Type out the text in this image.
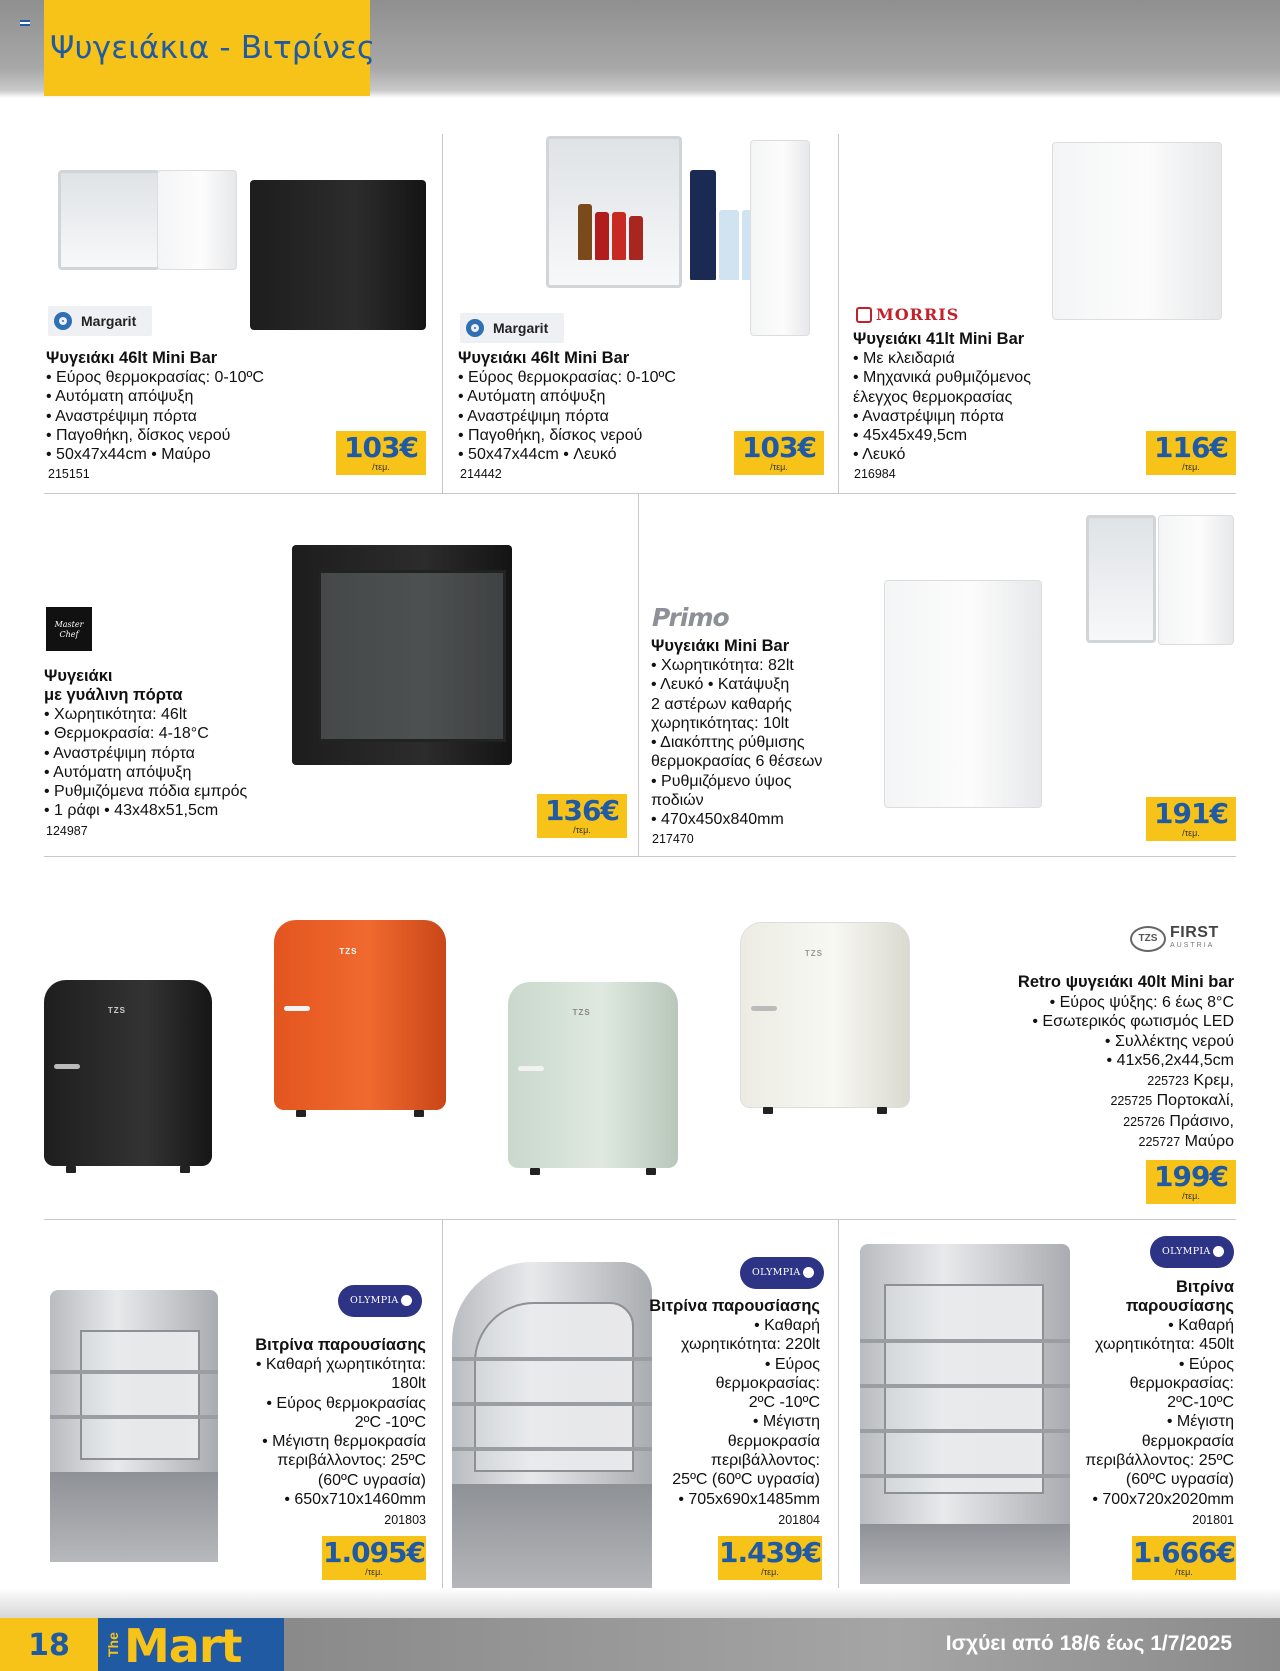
Ψυγειάκια - Βιτρίνες
Margarit
Ψυγειάκι 46lt Mini Bar
• Εύρος θερμοκρασίας: 0-10ºC
• Αυτόματη απόψυξη
• Αναστρέψιμη πόρτα
• Παγοθήκη, δίσκος νερού
• 50x47x44cm • Μαύρο
215151
103€
/τεμ.
Margarit
Ψυγειάκι 46lt Mini Bar
• Εύρος θερμοκρασίας: 0-10ºC
• Αυτόματη απόψυξη
• Αναστρέψιμη πόρτα
• Παγοθήκη, δίσκος νερού
• 50x47x44cm • Λευκό
214442
103€
/τεμ.
MORRIS
Ψυγειάκι 41lt Mini Bar
• Με κλειδαριά
• Μηχανικά ρυθμιζόμενος
έλεγχος θερμοκρασίας
• Αναστρέψιμη πόρτα
• 45x45x49,5cm
• Λευκό
216984
116€
/τεμ.
Master Chef
Ψυγειάκι
με γυάλινη πόρτα
• Χωρητικότητα: 46lt
• Θερμοκρασία: 4-18°C
• Αναστρέψιμη πόρτα
• Αυτόματη απόψυξη
• Ρυθμιζόμενα πόδια εμπρός
• 1 ράφι • 43x48x51,5cm
124987
136€
/τεμ.
Primo
Ψυγειάκι Mini Bar
• Χωρητικότητα: 82lt
• Λευκό • Κατάψυξη
2 αστέρων καθαρής
χωρητικότητας: 10lt
• Διακόπτης ρύθμισης
θερμοκρασίας 6 θέσεων
• Ρυθμιζόμενο ύψος
ποδιών
• 470x450x840mm
217470
191€
/τεμ.
TZS
TZS
TZS
TZS
TZS FIRST
AUSTRIA
Retro ψυγειάκι 40lt Mini bar
• Εύρος ψύξης: 6 έως 8°C
• Εσωτερικός φωτισμός LED
• Συλλέκτης νερού
• 41x56,2x44,5cm
225723 Κρεμ,
225725 Πορτοκαλί,
225726 Πράσινο,
225727 Μαύρο
199€
/τεμ.
OLYMPIA
Βιτρίνα παρουσίασης
• Καθαρή χωρητικότητα:
180lt
• Εύρος θερμοκρασίας
2ºC -10ºC
• Μέγιστη θερμοκρασία
περιβάλλοντος: 25ºC
(60ºC υγρασία)
• 650x710x1460mm
201803
1.095€
/τεμ.
OLYMPIA
Βιτρίνα παρουσίασης
• Καθαρή
χωρητικότητα: 220lt
• Εύρος
θερμοκρασίας:
2ºC -10ºC
• Μέγιστη
θερμοκρασία
περιβάλλοντος:
25ºC (60ºC υγρασία)
• 705x690x1485mm
201804
1.439€
/τεμ.
OLYMPIA
Βιτρίνα
παρουσίασης
• Καθαρή
χωρητικότητα: 450lt
• Εύρος
θερμοκρασίας:
2ºC-10ºC
• Μέγιστη
θερμοκρασία
περιβάλλοντος: 25ºC
(60ºC υγρασία)
• 700x720x2020mm
201801
1.666€
/τεμ.
18	The Mart	Ισχύει από 18/6 έως 1/7/2025
